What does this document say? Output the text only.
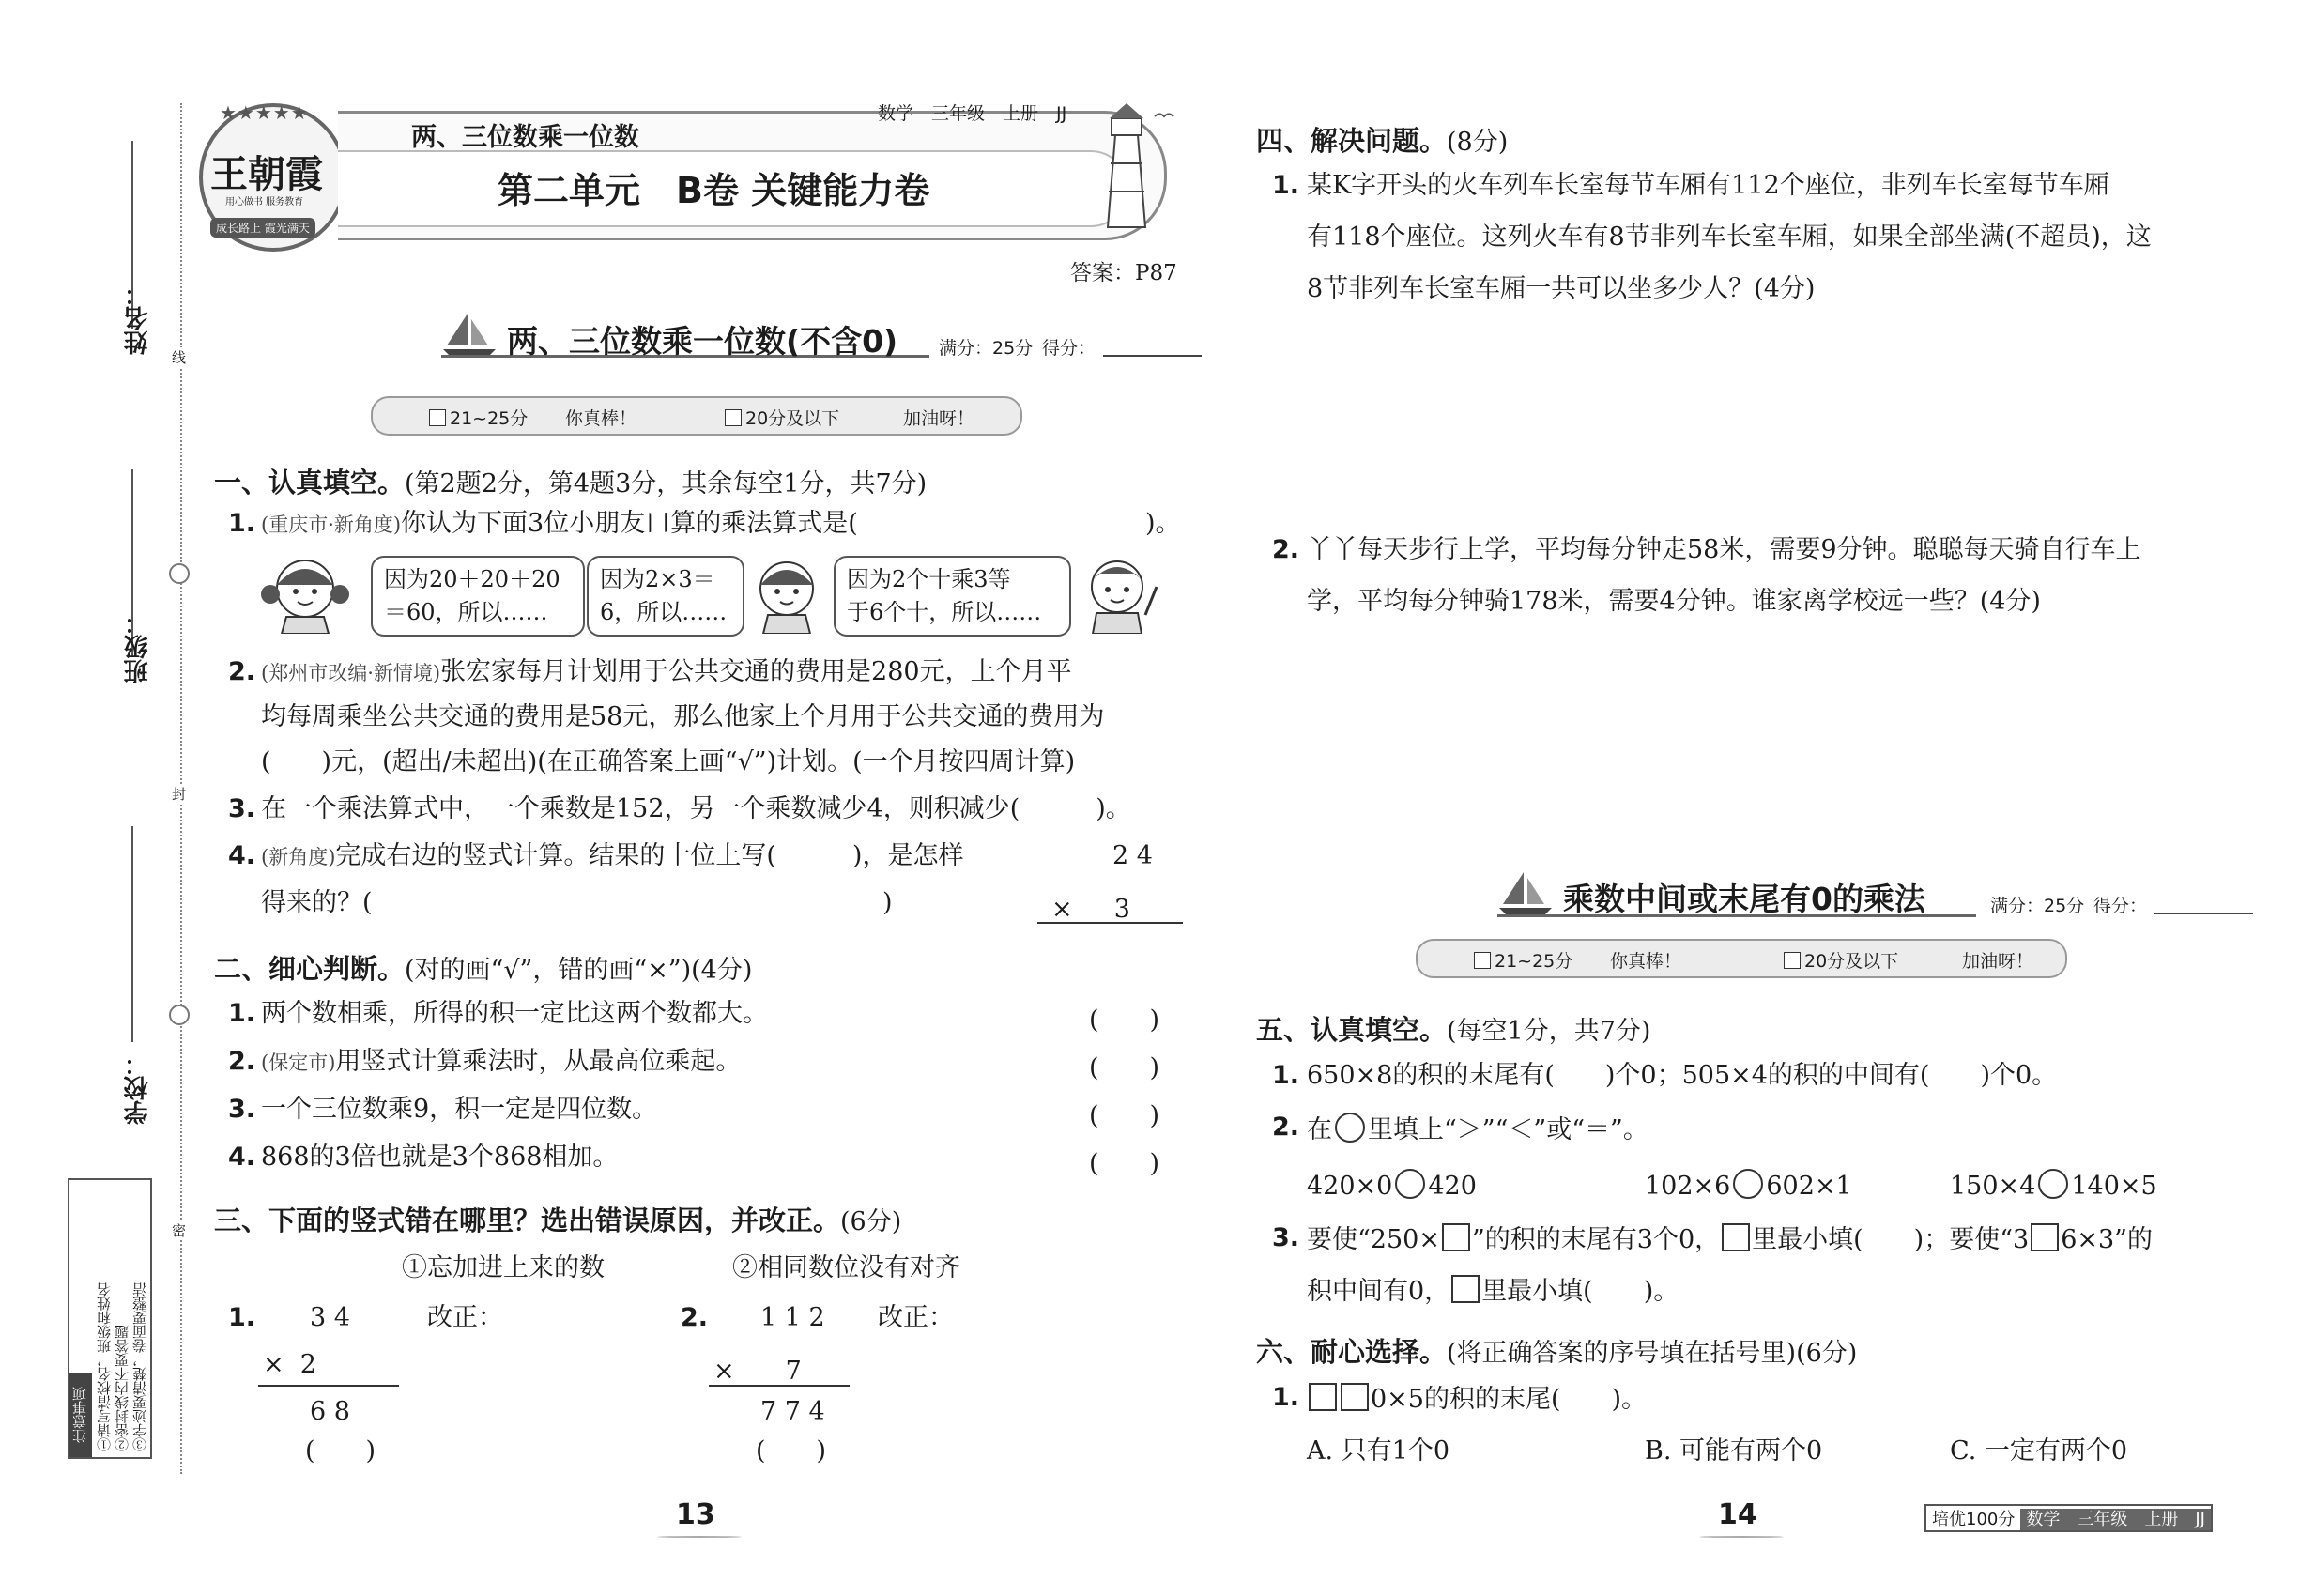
姓名：
班级：
学校：
线
封
密
注意事项 ①请写清校名，班级和姓名 ②密封线内不要答题 ③字迹要清楚，卷面要整洁
★★★★★
王朝霞
用心做书 服务教育
成长路上 霞光满天
两、三位数乘一位数
数学　三年级　上册　JJ
第二单元　B卷 关键能力卷
答案：P87
两、三位数乘一位数(不含0) 满分：25分 得分：
21~25分 你真棒！	20分及以下	加油呀！
一、认真填空。(第2题2分，第4题3分，其余每空1分，共7分)
1. (重庆市·新角度)你认为下面3位小朋友口算的乘法算式是(	)。
因为20＋20＋20
＝60，所以……
因为2×3＝
6，所以……
因为2个十乘3等
于6个十，所以……
2. (郑州市改编·新情境)张宏家每月计划用于公共交通的费用是280元，上个月平
均每周乘坐公共交通的费用是58元，那么他家上个月用于公共交通的费用为
(　　)元，(超出/未超出)(在正确答案上画“√”)计划。(一个月按四周计算)
3. 在一个乘法算式中，一个乘数是152，另一个乘数减少4，则积减少(　　　)。
4. (新角度)完成右边的竖式计算。结果的十位上写(　　　)，是怎样
得来的？(	)
2 4
× 　 3
二、细心判断。(对的画“√”，错的画“×”)(4分)
1. 两个数相乘，所得的积一定比这两个数都大。	(　　)
2. (保定市)用竖式计算乘法时，从最高位乘起。	(　　)
3. 一个三位数乘9，积一定是四位数。	(　　)
4. 868的3倍也就是3个868相加。	(　　)
三、下面的竖式错在哪里？选出错误原因，并改正。(6分)
①忘加进上来的数	②相同数位没有对齐
1. 3 4	改正：
×  2
6 8
(　　)
2. 1 1 2 改正：
×　　7
7 7 4
(　　)
13
四、解决问题。(8分)
1. 某K字开头的火车列车长室每节车厢有112个座位，非列车长室每节车厢
有118个座位。这列火车有8节非列车长室车厢，如果全部坐满(不超员)，这
8节非列车长室车厢一共可以坐多少人？(4分)
2. 丫丫每天步行上学，平均每分钟走58米，需要9分钟。聪聪每天骑自行车上
学，平均每分钟骑178米，需要4分钟。谁家离学校远一些？(4分)
乘数中间或末尾有0的乘法	满分：25分 得分：
21~25分 你真棒！	20分及以下	加油呀！
五、认真填空。(每空1分，共7分)
1. 650×8的积的末尾有(　　)个0；505×4的积的中间有(　　)个0。
2. 在 里填上“＞”“＜”或“＝”。
420×0 420	102×6 602×1	150×4 140×5
3. 要使“250× ”的积的末尾有3个0， 里最小填(　　)；要使“3 6×3”的
积中间有0， 里最小填(　　)。
六、耐心选择。(将正确答案的序号填在括号里)(6分)
1.	0×5的积的末尾(　　)。
A. 只有1个0	B. 可能有两个0	C. 一定有两个0
14	培优100分 数学　三年级　上册　JJ
